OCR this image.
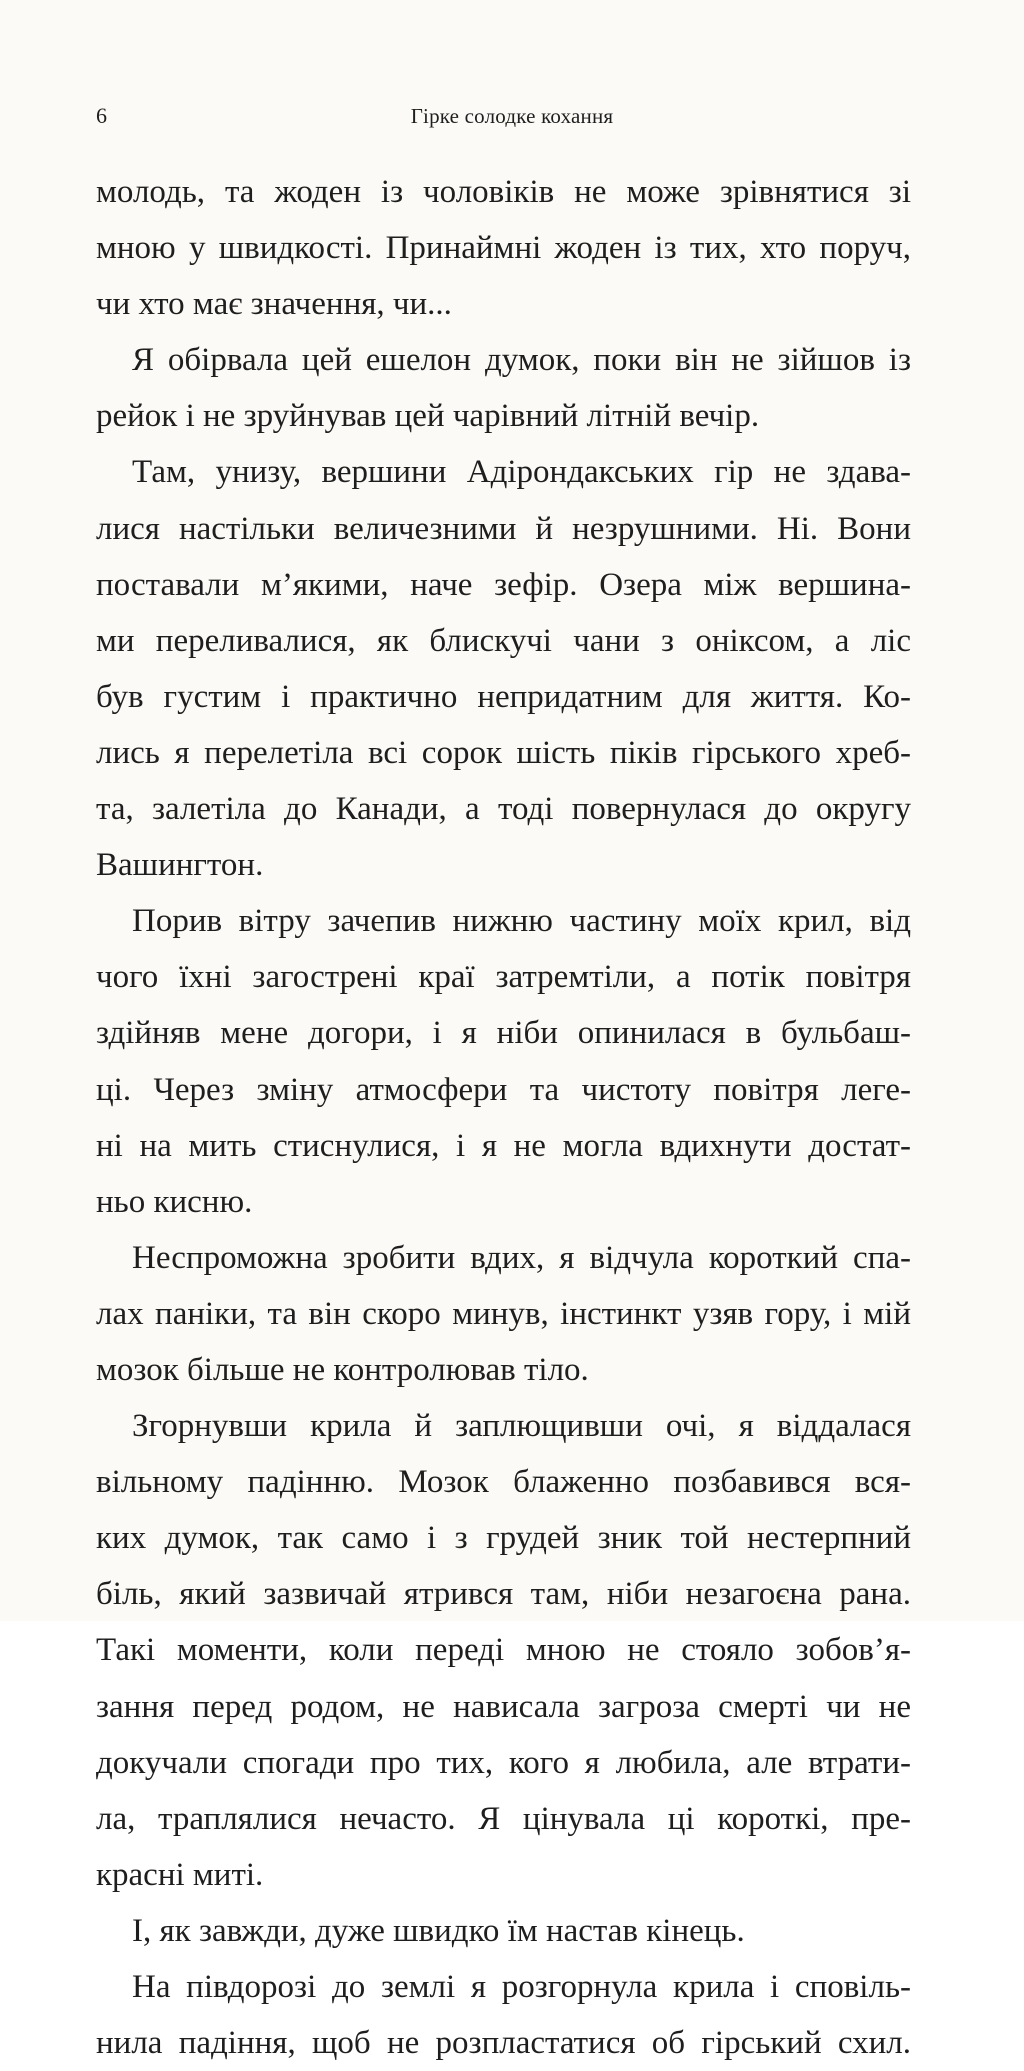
6	Гірке солодке кохання
молодь, та жоден із чоловіків не може зрівнятися зі
мною у швидкості. Принаймні жоден із тих, хто поруч,
чи хто має значення, чи...
Я обірвала цей ешелон думок, поки він не зійшов із
рейок і не зруйнував цей чарівний літній вечір.
Там, унизу, вершини Адірондакських гір не здава-
лися настільки величезними й незрушними. Ні. Вони
поставали м’якими, наче зефір. Озера між вершина-
ми переливалися, як блискучі чани з оніксом, а ліс
був густим і практично непридатним для життя. Ко-
лись я перелетіла всі сорок шість піків гірського хреб-
та, залетіла до Канади, а тоді повернулася до округу
Вашингтон.
Порив вітру зачепив нижню частину моїх крил, від
чого їхні загострені краї затремтіли, а потік повітря
здійняв мене догори, і я ніби опинилася в бульбаш-
ці. Через зміну атмосфери та чистоту повітря леге-
ні на мить стиснулися, і я не могла вдихнути достат-
ньо кисню.
Неспроможна зробити вдих, я відчула короткий спа-
лах паніки, та він скоро минув, інстинкт узяв гору, і мій
мозок більше не контролював тіло.
Згорнувши крила й заплющивши очі, я віддалася
вільному падінню. Мозок блаженно позбавився вся-
ких думок, так само і з грудей зник той нестерпний
біль, який зазвичай ятрився там, ніби незагоєна рана.
Такі моменти, коли переді мною не стояло зобов’я-
зання перед родом, не нависала загроза смерті чи не
докучали спогади про тих, кого я любила, але втрати-
ла, траплялися нечасто. Я цінувала ці короткі, пре-
красні миті.
І, як завжди, дуже швидко їм настав кінець.
На півдорозі до землі я розгорнула крила і сповіль-
нила падіння, щоб не розпластатися об гірський схил.
